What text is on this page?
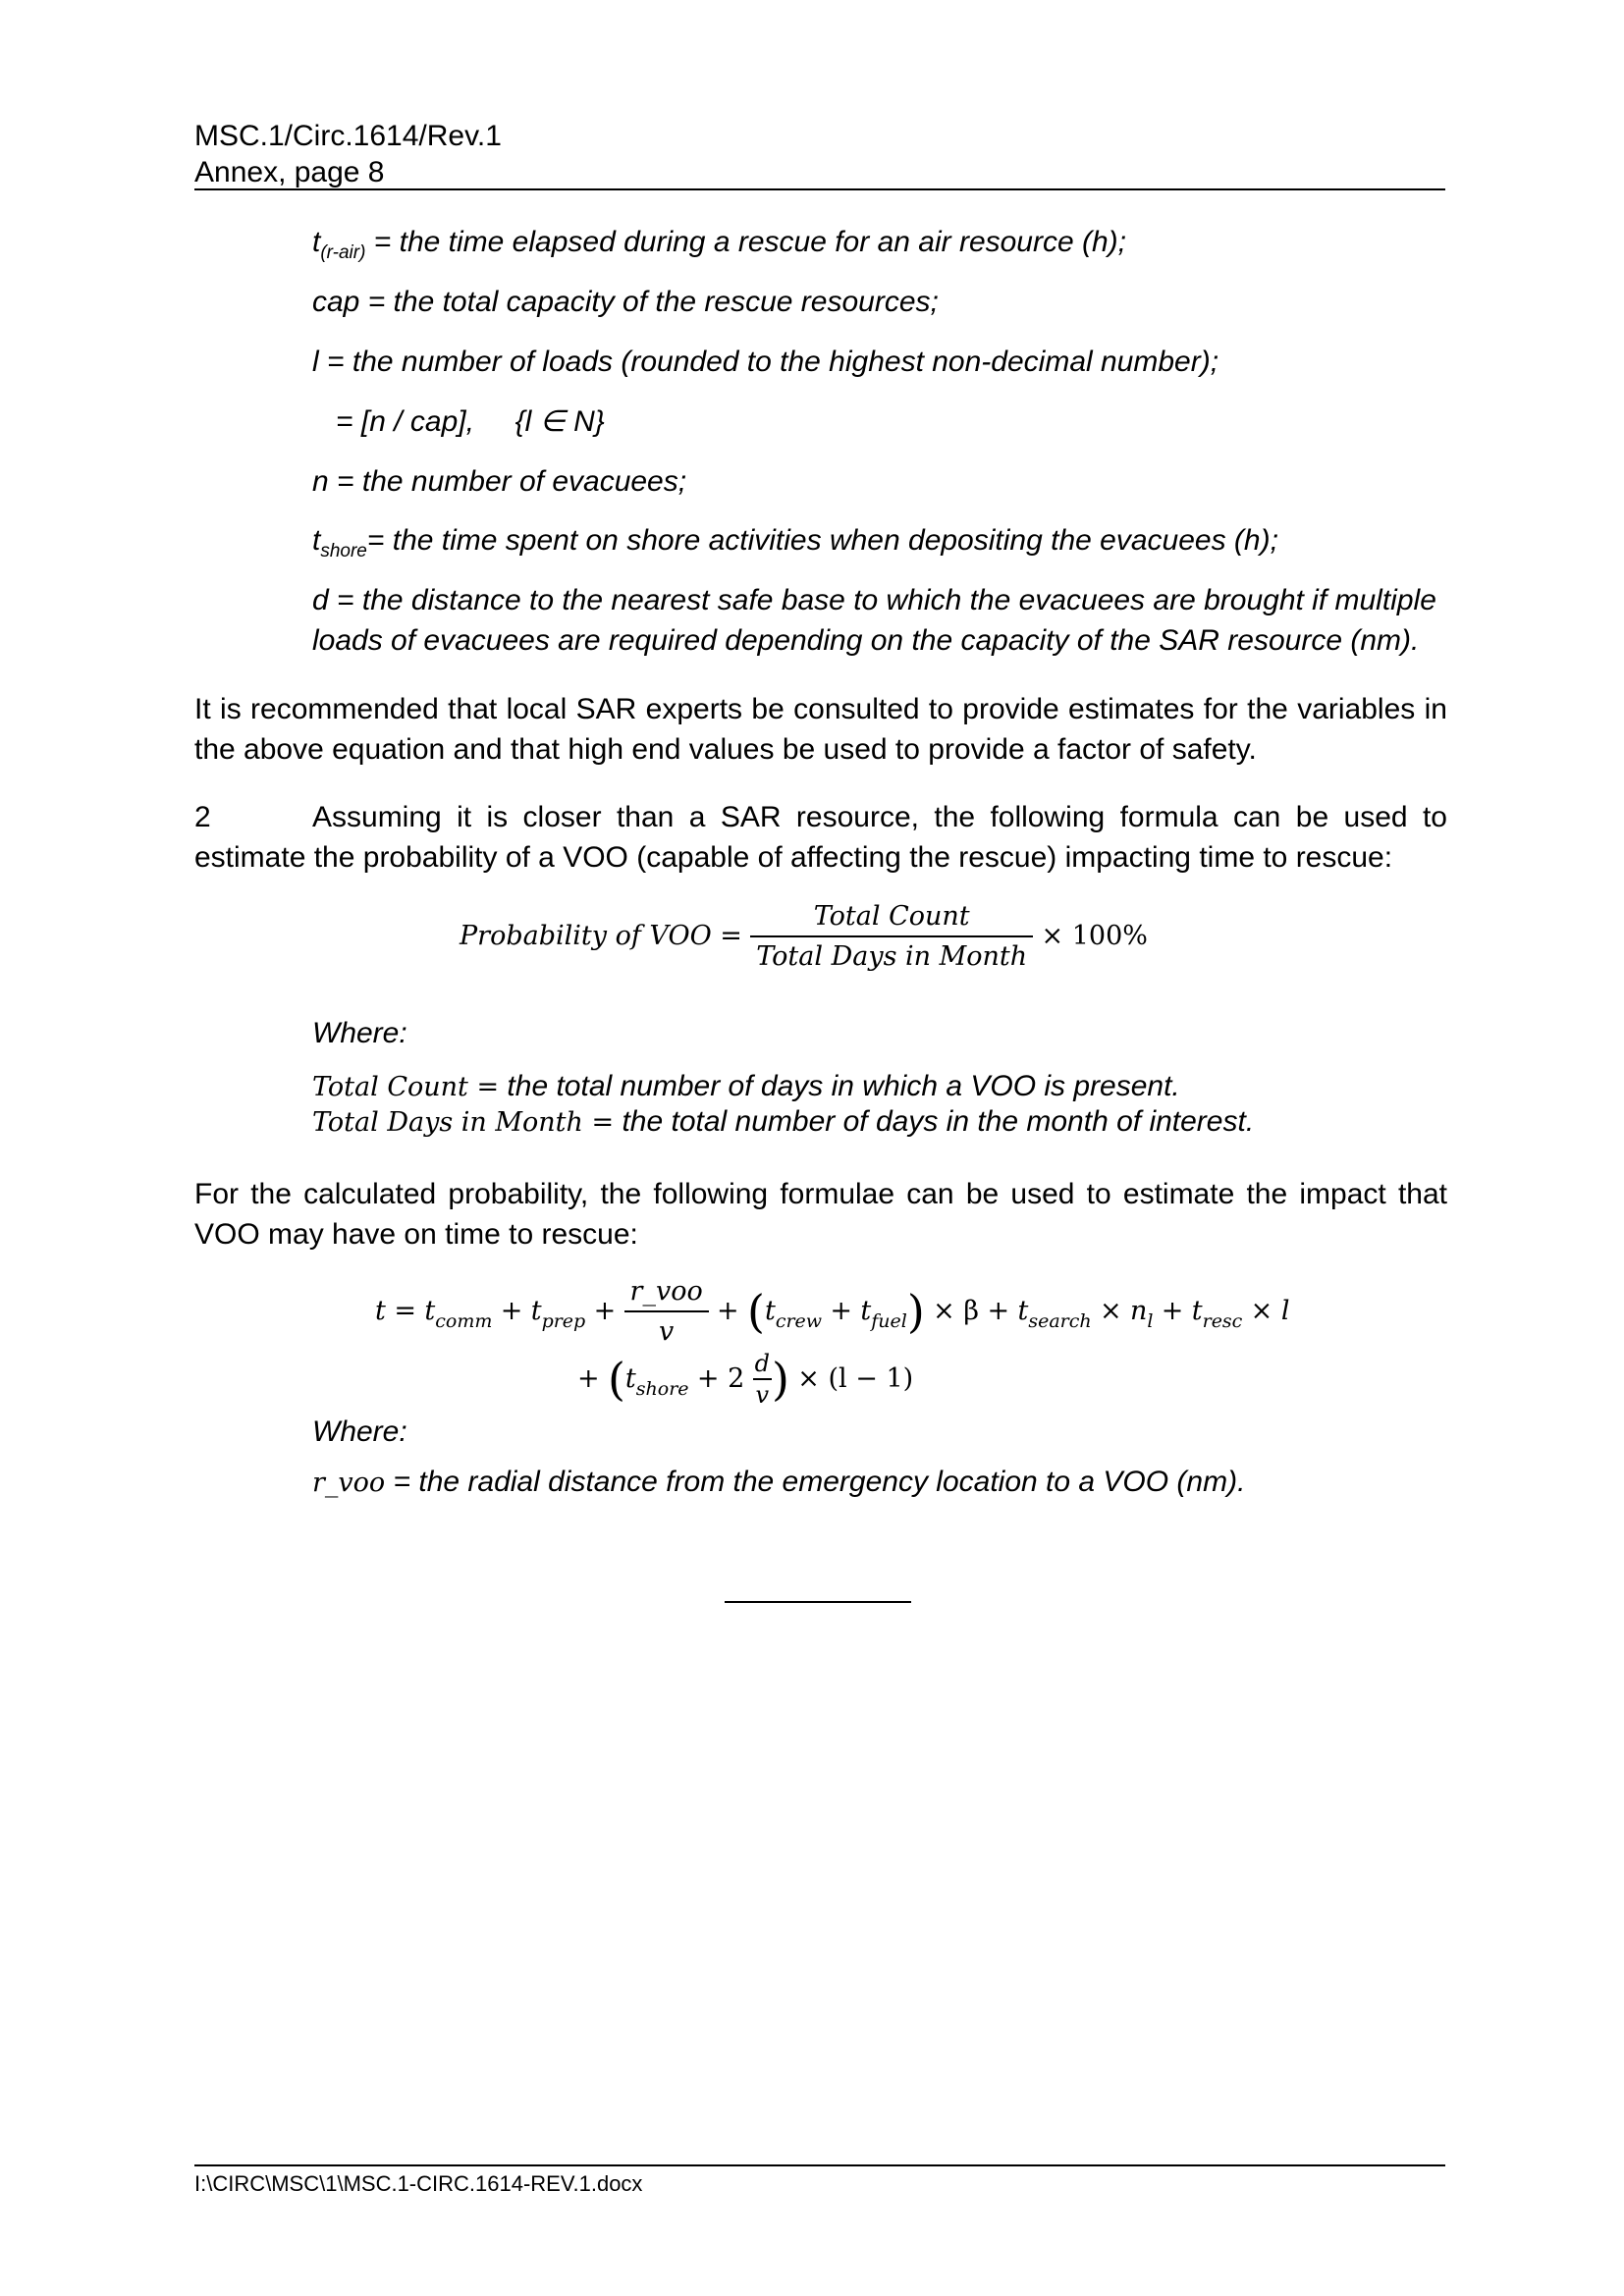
MSC.1/Circ.1614/Rev.1
Annex, page 8
$t_{(r-air)}$ = the time elapsed during a rescue for an air resource (h);
cap = the total capacity of the rescue resources;
l = the number of loads (rounded to the highest non-decimal number);
= [n / cap],     {l ∈ N}
n = the number of evacuees;
$t_{shore}=$ the time spent on shore activities when depositing the evacuees (h);
d = the distance to the nearest safe base to which the evacuees are brought if multiple
loads of evacuees are required depending on the capacity of the SAR resource (nm).
It is recommended that local SAR experts be consulted to provide estimates for the variables in the above equation and that high end values be used to provide a factor of safety.
2	Assuming it is closer than a SAR resource, the following formula can be used to estimate the probability of a VOO (capable of affecting the rescue) impacting time to rescue:
Probability of VOO = $\frac{\text{Total Count}}{\text{Total Days in Month}} \times 100\%$
Where:
Total Count = the total number of days in which a VOO is present.
Total Days in Month = the total number of days in the month of interest.
For the calculated probability, the following formulae can be used to estimate the impact that VOO may have on time to rescue:
$t = t_{comm} + t_{prep} + \frac{\text{r\_voo}}{v} + (t_{crew} + t_{fuel}) \times \beta + t_{search} \times n_l + t_{resc} \times l$
+ ($t_{shore} + 2 \frac{d}{v}$ ) × (l − 1)
Where:
r_voo = the radial distance from the emergency location to a VOO (nm).
I:\CIRC\MSC\1\MSC.1-CIRC.1614-REV.1.docx
